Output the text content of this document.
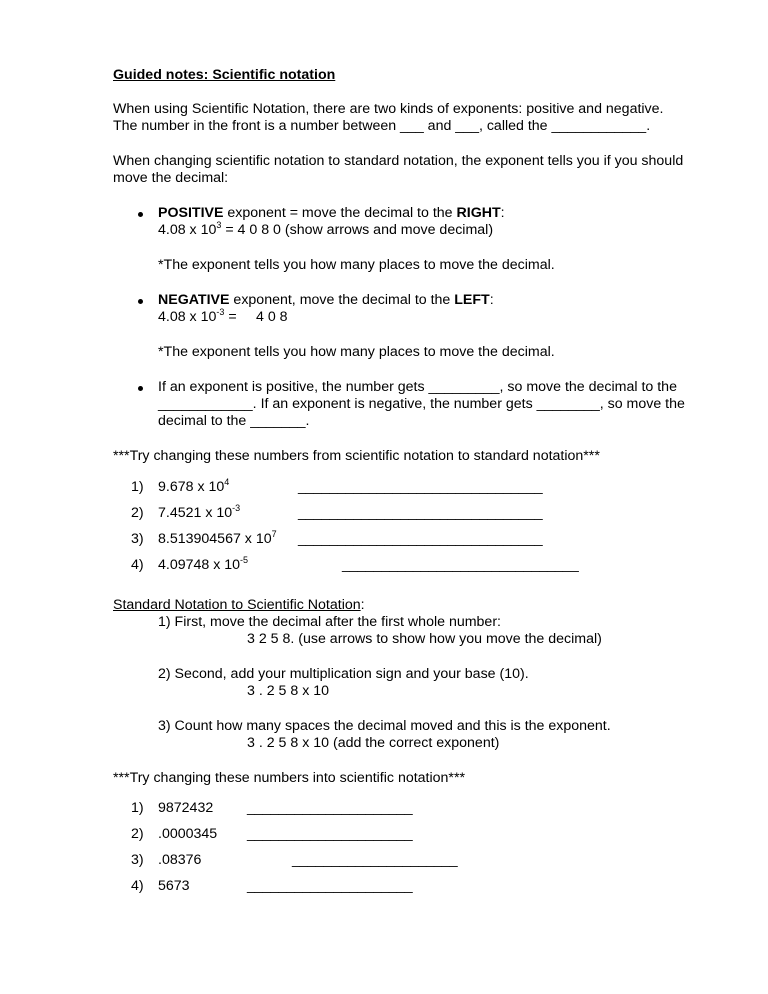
Guided notes: Scientific notation
When using Scientific Notation, there are two kinds of exponents: positive and negative.
The number in the front is a number between ___ and ___, called the ____________.
When changing scientific notation to standard notation, the exponent tells you if you should
move the decimal:
POSITIVE exponent = move the decimal to the RIGHT:
4.08 x $10^3 = 4$ 0 8 0 (show arrows and move decimal)
*The exponent tells you how many places to move the decimal.
NEGATIVE exponent, move the decimal to the LEFT:
4.08 x $10^{-3} = 4$ 0 8
*The exponent tells you how many places to move the decimal.
If an exponent is positive, the number gets _________, so move the decimal to the
____________. If an exponent is negative, the number gets ________, so move the
decimal to the _______.
***Try changing these numbers from scientific notation to standard notation***
1) 9.678 x $10^4$	_______________________________
2) 7.4521 x $10^{-3}$	_______________________________
3) 8.513904567 x $10^7$ _______________________________
4) 4.09748 x $10^{-5}$	______________________________
Standard Notation to Scientific Notation:
1) First, move the decimal after the first whole number:
3 2 5 8. (use arrows to show how you move the decimal)
2) Second, add your multiplication sign and your base (10).
3 . 2 5 8 x 10
3) Count how many spaces the decimal moved and this is the exponent.
3 . 2 5 8 x 10 (add the correct exponent)
***Try changing these numbers into scientific notation***
1) 9872432 _____________________
2) .0000345 _____________________
3) .08376	_____________________
4) 5673	_____________________
